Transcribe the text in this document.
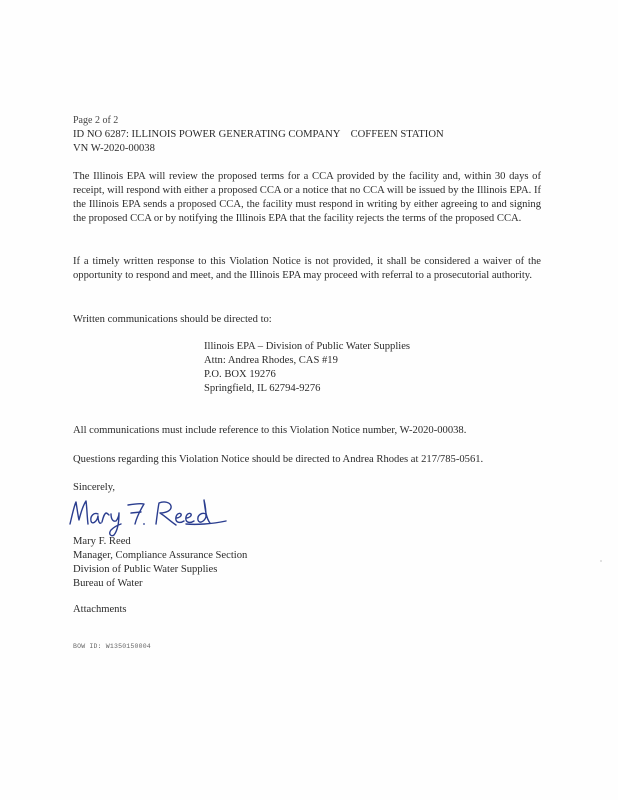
Page 2 of 2
ID NO 6287: ILLINOIS POWER GENERATING COMPANY    COFFEEN STATION
VN W-2020-00038

The Illinois EPA will review the proposed terms for a CCA provided by the facility and, within 30 days of receipt, will respond with either a proposed CCA or a notice that no CCA will be issued by the Illinois EPA. If the Illinois EPA sends a proposed CCA, the facility must respond in writing by either agreeing to and signing the proposed CCA or by notifying the Illinois EPA that the facility rejects the terms of the proposed CCA.

If a timely written response to this Violation Notice is not provided, it shall be considered a waiver of the opportunity to respond and meet, and the Illinois EPA may proceed with referral to a prosecutorial authority.

Written communications should be directed to:

Illinois EPA – Division of Public Water Supplies
Attn: Andrea Rhodes, CAS #19
P.O. BOX 19276
Springfield, IL 62794-9276

All communications must include reference to this Violation Notice number, W-2020-00038.

Questions regarding this Violation Notice should be directed to Andrea Rhodes at 217/785-0561.

Sincerely,
Mary F. Reed
Manager, Compliance Assurance Section
Division of Public Water Supplies
Bureau of Water
Attachments
BOW ID: W1350150004
